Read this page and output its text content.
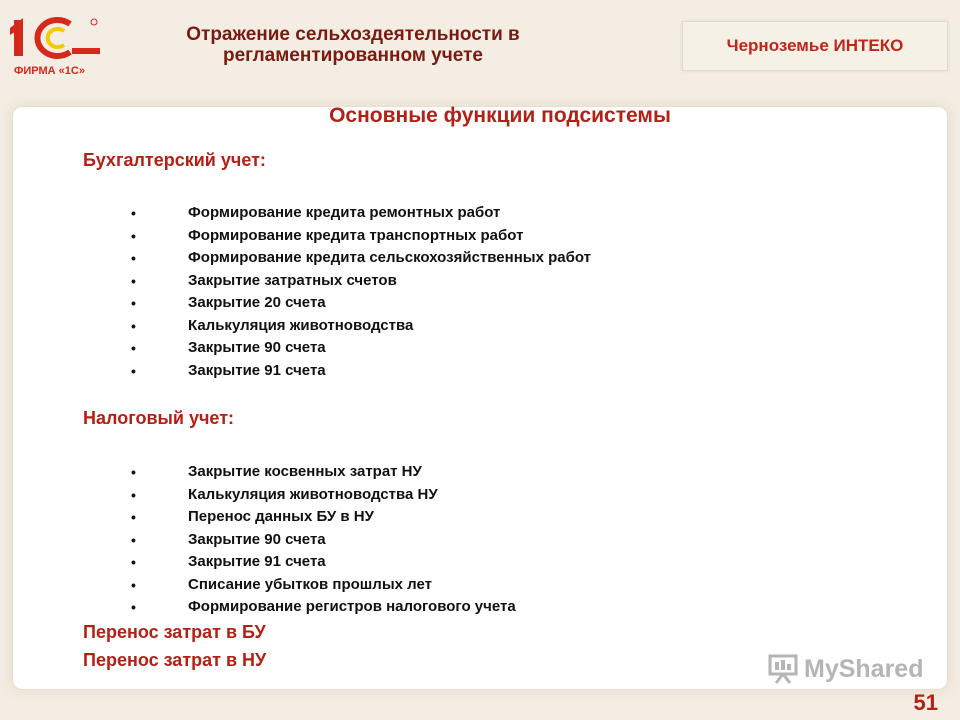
ФИРМА «1С»
Отражение сельхоздеятельности в
регламентированном учете	Черноземье ИНТЕКО
Основные функции подсистемы
Бухгалтерский учет:
• Формирование кредита ремонтных работ
• Формирование кредита транспортных работ
• Формирование кредита сельскохозяйственных работ
• Закрытие затратных счетов
• Закрытие 20 счета
• Калькуляция животноводства
• Закрытие 90 счета
• Закрытие 91 счета
Налоговый учет:
• Закрытие косвенных затрат НУ
• Калькуляция животноводства НУ
• Перенос данных БУ в НУ
• Закрытие 90 счета
• Закрытие 91 счета
• Списание убытков прошлых лет
• Формирование регистров налогового учета
Перенос затрат в БУ
Перенос затрат в НУ	MyShared
51
